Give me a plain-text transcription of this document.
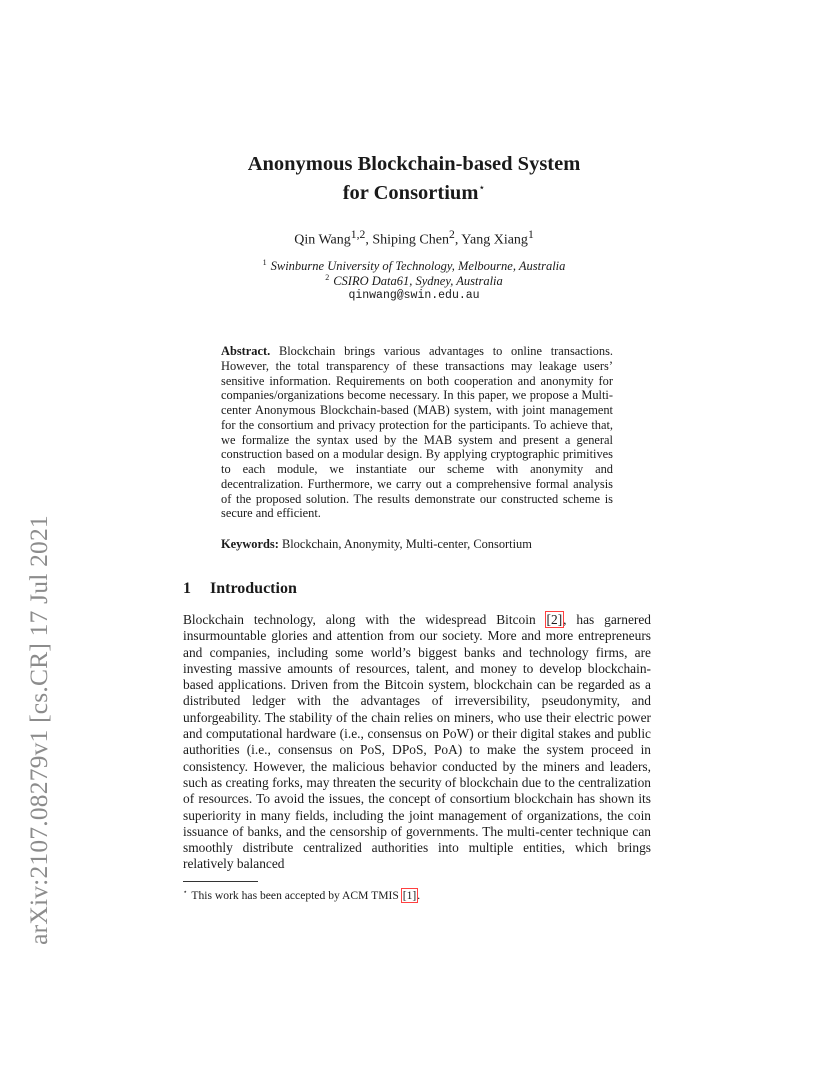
arXiv:2107.08279v1 [cs.CR] 17 Jul 2021
Anonymous Blockchain-based System
for Consortium⋆
Qin Wang$^{1,2}$, Shiping Chen$^2$, Yang Xiang$^1$
$^1$ Swinburne University of Technology, Melbourne, Australia
$^2$ CSIRO Data61, Sydney, Australia
qinwang@swin.edu.au
Abstract. Blockchain brings various advantages to online transactions. However, the total transparency of these transactions may leakage users’ sensitive information. Requirements on both cooperation and anonymity for companies/organizations become necessary. In this paper, we propose a Multi-center Anonymous Blockchain-based (MAB) system, with joint management for the consortium and privacy protection for the participants. To achieve that, we formalize the syntax used by the MAB system and present a general construction based on a modular design. By applying cryptographic primitives to each module, we instantiate our scheme with anonymity and decentralization. Furthermore, we carry out a comprehensive formal analysis of the proposed solution. The results demonstrate our constructed scheme is secure and efficient.
Keywords: Blockchain, Anonymity, Multi-center, Consortium
1 Introduction
Blockchain technology, along with the widespread Bitcoin [2], has garnered insurmountable glories and attention from our society. More and more entrepreneurs and companies, including some world’s biggest banks and technology firms, are investing massive amounts of resources, talent, and money to develop blockchain-based applications. Driven from the Bitcoin system, blockchain can be regarded as a distributed ledger with the advantages of irreversibility, pseudonymity, and unforgeability. The stability of the chain relies on miners, who use their electric power and computational hardware (i.e., consensus on PoW) or their digital stakes and public authorities (i.e., consensus on PoS, DPoS, PoA) to make the system proceed in consistency. However, the malicious behavior conducted by the miners and leaders, such as creating forks, may threaten the security of blockchain due to the centralization of resources. To avoid the issues, the concept of consortium blockchain has shown its superiority in many fields, including the joint management of organizations, the coin issuance of banks, and the censorship of governments. The multi-center technique can smoothly distribute centralized authorities into multiple entities, which brings relatively balanced
⋆ This work has been accepted by ACM TMIS [1].
